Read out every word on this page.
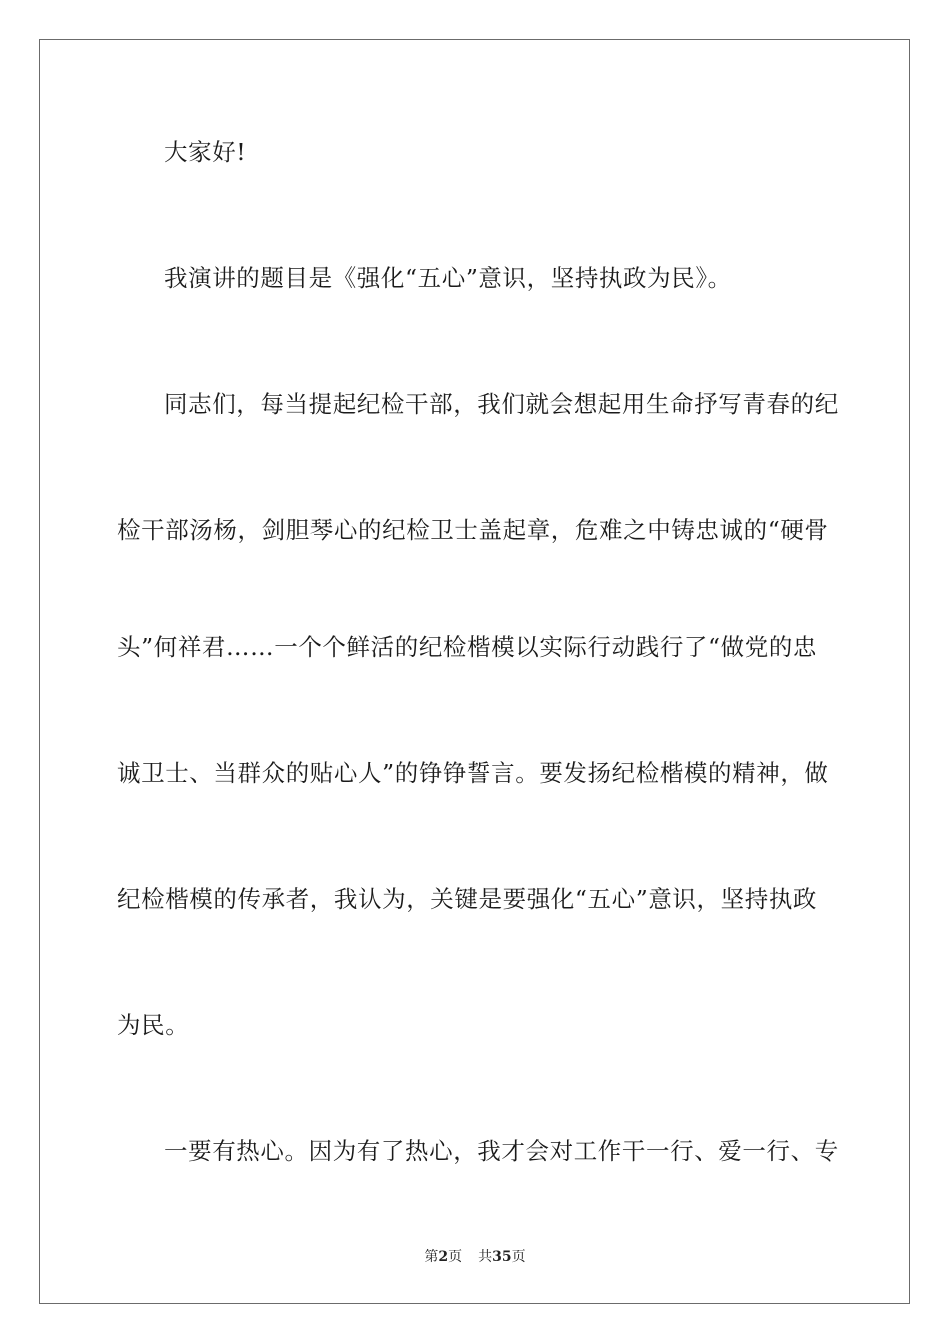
大家好!
我演讲的题目是《强化“五心”意识，坚持执政为民》。
同志们，每当提起纪检干部，我们就会想起用生命抒写青春的纪
检干部汤杨，剑胆琴心的纪检卫士盖起章，危难之中铸忠诚的“硬骨
头”何祥君……一个个鲜活的纪检楷模以实际行动践行了“做党的忠
诚卫士、当群众的贴心人”的铮铮誓言。要发扬纪检楷模的精神，做
纪检楷模的传承者，我认为，关键是要强化“五心”意识，坚持执政
为民。
一要有热心。因为有了热心，我才会对工作干一行、爱一行、专
第2页 共35页
